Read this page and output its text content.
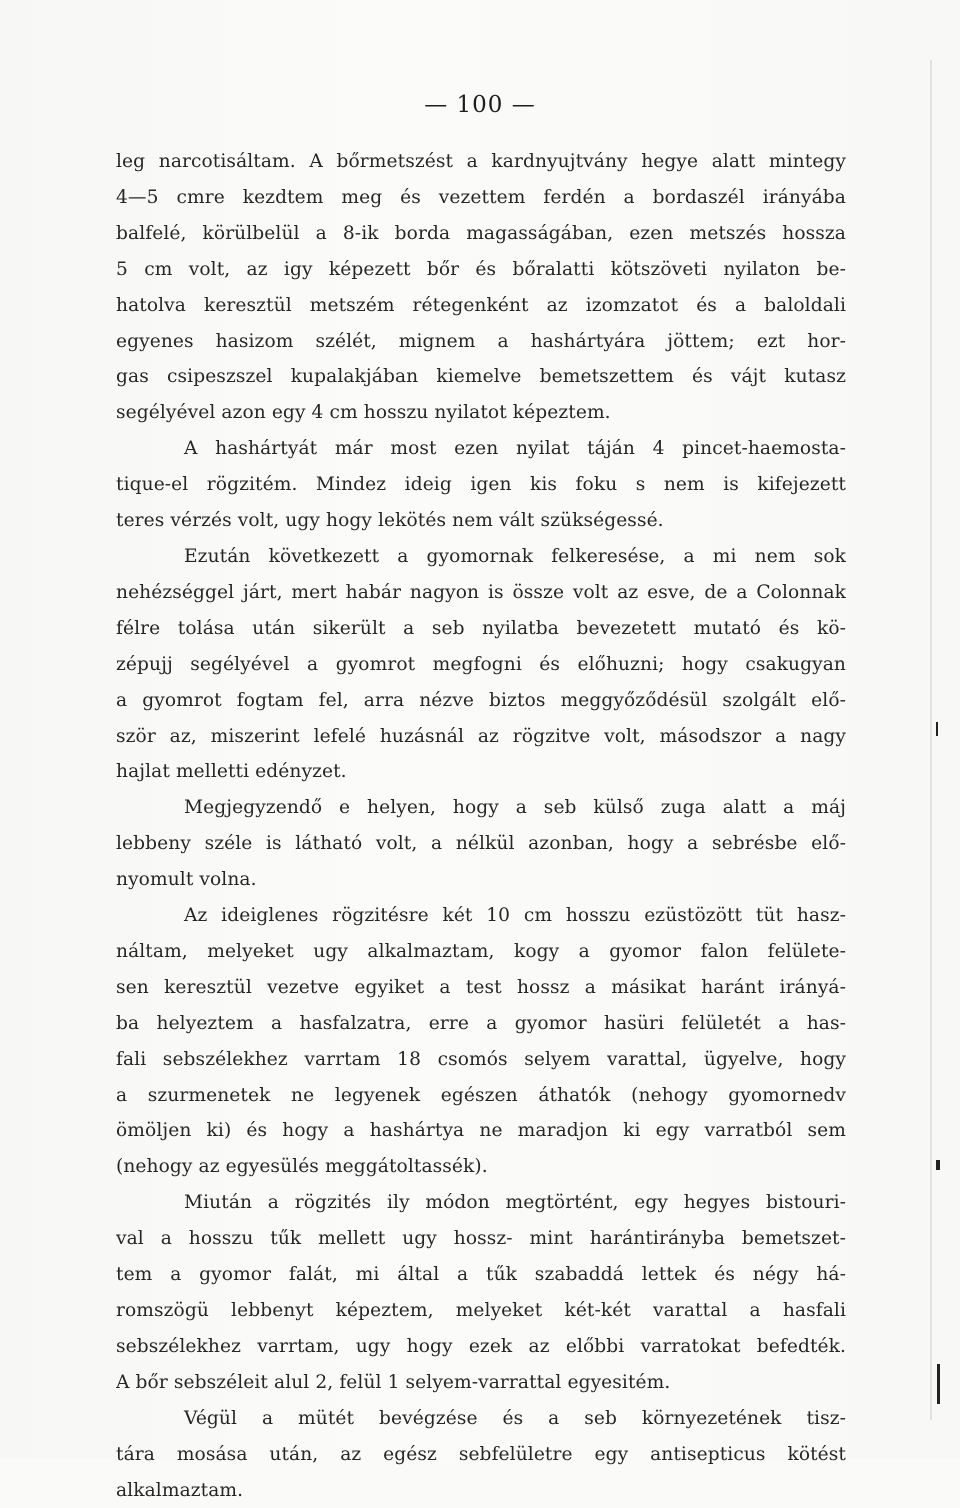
— 100 —
leg narcotisáltam. A bőrmetszést a kardnyujtvány hegye alatt mintegy
4—5 cmre kezdtem meg és vezettem ferdén a bordaszél irányába
balfelé, körülbelül a 8-ik borda magasságában, ezen metszés hossza
5 cm volt, az igy képezett bőr és bőralatti kötszöveti nyilaton be-
hatolva keresztül metszém rétegenként az izomzatot és a baloldali
egyenes hasizom szélét, mignem a hashártyára jöttem; ezt hor-
gas csipeszszel kupalakjában kiemelve bemetszettem és vájt kutasz
segélyével azon egy 4 cm hosszu nyilatot képeztem.
A hashártyát már most ezen nyilat táján 4 pincet-haemosta-
tique-el rögzitém. Mindez ideig igen kis foku s nem is kifejezett
teres vérzés volt, ugy hogy lekötés nem vált szükségessé.
Ezután következett a gyomornak felkeresése, a mi nem sok
nehézséggel járt, mert habár nagyon is össze volt az esve, de a Colonnak
félre tolása után sikerült a seb nyilatba bevezetett mutató és kö-
zépujj segélyével a gyomrot megfogni és előhuzni; hogy csakugyan
a gyomrot fogtam fel, arra nézve biztos meggyőződésül szolgált elő-
ször az, miszerint lefelé huzásnál az rögzitve volt, másodszor a nagy
hajlat melletti edényzet.
Megjegyzendő e helyen, hogy a seb külső zuga alatt a máj
lebbeny széle is látható volt, a nélkül azonban, hogy a sebrésbe elő-
nyomult volna.
Az ideiglenes rögzitésre két 10 cm hosszu ezüstözött tüt hasz-
náltam, melyeket ugy alkalmaztam, kogy a gyomor falon felülete-
sen keresztül vezetve egyiket a test hossz a másikat haránt irányá-
ba helyeztem a hasfalzatra, erre a gyomor hasüri felületét a has-
fali sebszélekhez varrtam 18 csomós selyem varattal, ügyelve, hogy
a szurmenetek ne legyenek egészen áthatók (nehogy gyomornedv
ömöljen ki) és hogy a hashártya ne maradjon ki egy varratból sem
(nehogy az egyesülés meggátoltassék).
Miután a rögzités ily módon megtörtént, egy hegyes bistouri-
val a hosszu tűk mellett ugy hossz- mint harántirányba bemetszet-
tem a gyomor falát, mi által a tűk szabaddá lettek és négy há-
romszögü lebbenyt képeztem, melyeket két-két varattal a hasfali
sebszélekhez varrtam, ugy hogy ezek az előbbi varratokat befedték.
A bőr sebszéleit alul 2, felül 1 selyem-varrattal egyesitém.
Végül a mütét bevégzése és a seb környezetének tisz-
tára mosása után, az egész sebfelületre egy antisepticus kötést
alkalmaztam.
